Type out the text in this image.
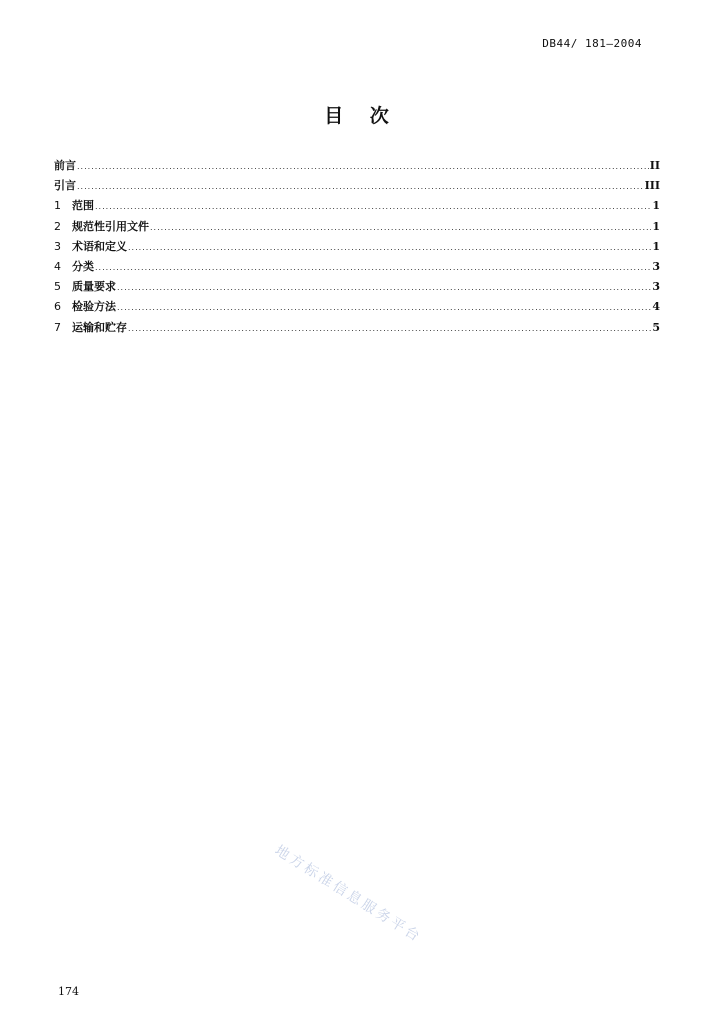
DB44/ 181—2004
目 次
前言 .....	II
引言 .....	III
1	范围 .....	1
2	规范性引用文件 .....	1
3	术语和定义 .....	1
4	分类 .....	3
5	质量要求 .....	3
6	检验方法 .....	4
7	运输和贮存 .....	5
地方标准信息服务平台
174
